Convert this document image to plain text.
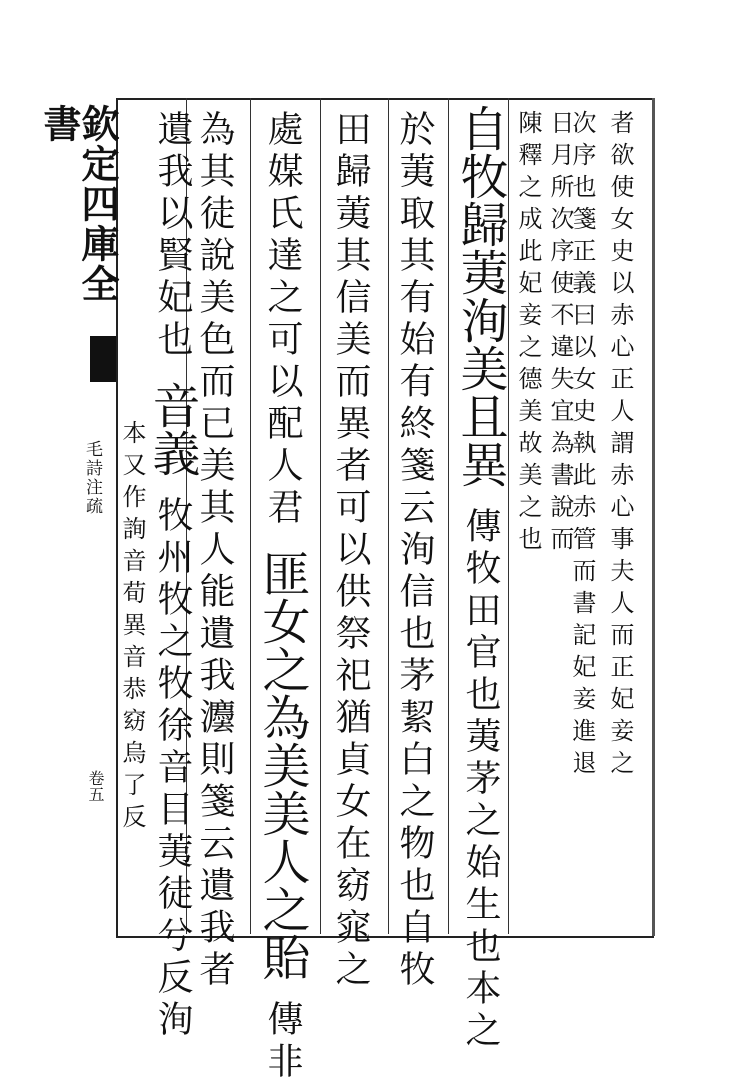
欽定四庫全書
毛詩注疏
卷五
者欲使女史以赤心正人謂赤心事夫人而正妃妾之
次序也箋正義曰以女史執此赤管而書記妃妾進退
日月所次序使不違失宜為書說而
陳釋之成此妃妾之德美故美之也
自牧歸荑洵美且異 傳牧田官也荑茅之始生也本之
於荑取其有始有終箋云洵信也茅絜白之物也自牧
田歸荑其信美而異者可以供祭祀猶貞女在窈窕之
處媒氏達之可以配人君 匪女之為美美人之貽 傳非
為其徒說美色而已美其人能遺我灋則箋云遺我者
遺我以賢妃也 音義 牧州牧之牧徐音目荑徒兮反洵
本又作詢音荀異音恭窈烏了反
